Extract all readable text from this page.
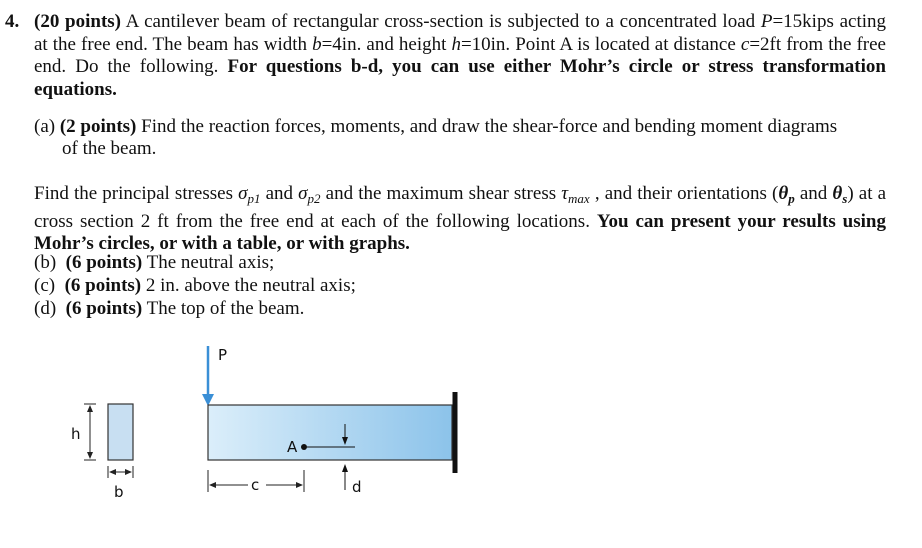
4. (20 points) A cantilever beam of rectangular cross-section is subjected to a concentrated load P=15kips acting at the free end. The beam has width b=4in. and height h=10in. Point A is located at distance c=2ft from the free end. Do the following. For questions b-d, you can use either Mohr’s circle or stress transformation equations.
(a) (2 points) Find the reaction forces, moments, and draw the shear-force and bending moment diagrams
of the beam.
Find the principal stresses $\sigma_{p1}$ and $\sigma_{p2}$ and the maximum shear stress $\tau_{max}$ , and their orientations ($\theta_p$ and $\theta_s$) at a cross section 2 ft from the free end at each of the following locations. You can present your results using Mohr’s circles, or with a table, or with graphs.
(b) (6 points) The neutral axis;
(c) (6 points) 2 in. above the neutral axis;
(d) (6 points) The top of the beam.
h
b
P
A
d
c
